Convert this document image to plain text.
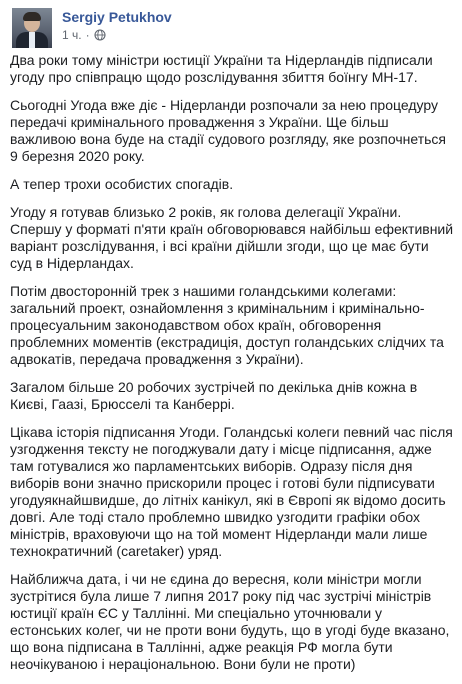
Sergiy Petukhov
1 ч. ·

Два роки тому міністри юстиції України та Нідерландів підписали угоду про співпрацю щодо розслідування збиття боїнгу МН-17.

Сьогодні Угода вже діє - Нідерланди розпочали за нею процедуру передачі кримінального провадження з України. Ще більш важливою вона буде на стадії судового розгляду, яке розпочнеться 9 березня 2020 року.

А тепер трохи особистих спогадів.

Угоду я готував близько 2 років, як голова делегації України. Спершу у форматі п'яти країн обговорювався найбільш ефективний варіант розслідування, і всі країни дійшли згоди, що це має бути суд в Нідерландах.

Потім двосторонній трек з нашими голандськими колегами: загальний проект, ознайомлення з кримінальним і кримінально-процесуальним законодавством обох країн, обговорення проблемних моментів (екстрадиція, доступ голандських слідчих та адвокатів, передача провадження з України).

Загалом більше 20 робочих зустрічей по декілька днів кожна в Києві, Гаазі, Брюсселі та Канберрі.

Цікава історія підписання Угоди. Голандські колеги певний час після узгодження тексту не погоджували дату і місце підписання, адже там готувалися жо парламентських виборів. Одразу після дня виборів вони значно прискорили процес і готові були підписувати угодуякнайшвидше, до літніх канікул, які в Європі як відомо досить довгі. Але тоді стало проблемно швидко узгодити графіки обох міністрів, враховуючи що на той момент Нідерланди мали лише технократичний (caretaker) уряд.

Найближча дата, і чи не єдина до вересня, коли міністри могли зустрітися була лише 7 липня 2017 року під час зустрічі міністрів юстиції країн ЄС у Таллінні. Ми спеціально уточнювали у естонських колег, чи не проти вони будуть, що в угоді буде вказано, що вона підписана в Таллінні, адже реакція РФ могла бути неочікуваною і нераціональною. Вони були не проти)
